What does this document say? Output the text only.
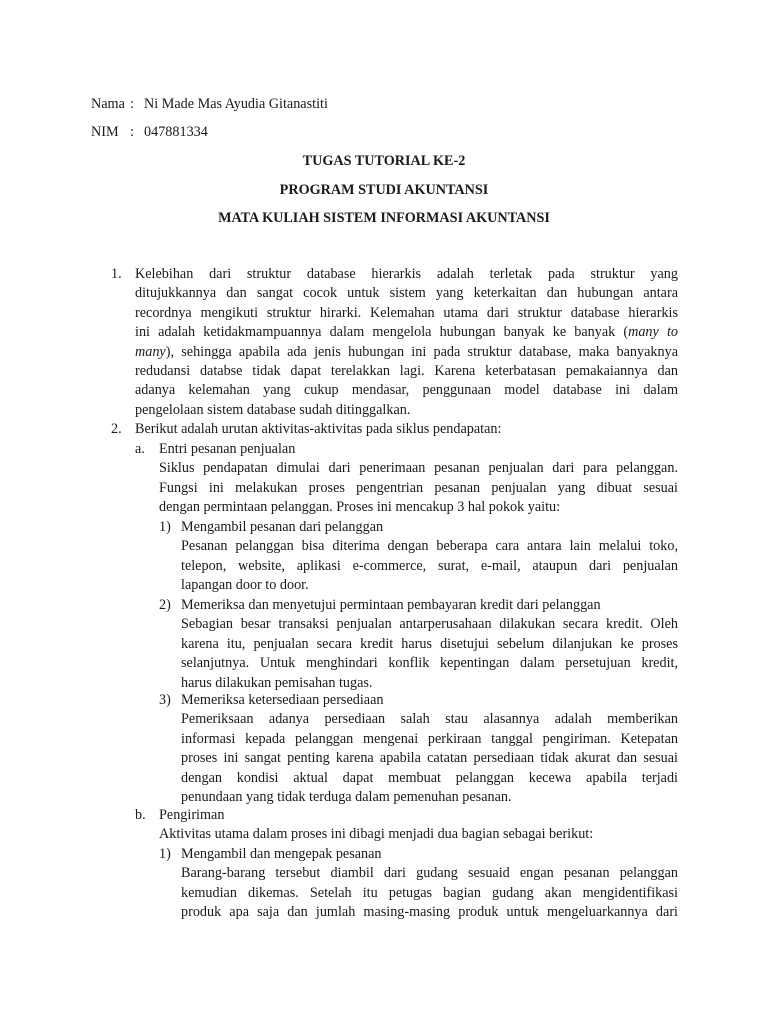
Nama : Ni Made Mas Ayudia Gitanastiti
NIM : 047881334
TUGAS TUTORIAL KE-2
PROGRAM STUDI AKUNTANSI
MATA KULIAH SISTEM INFORMASI AKUNTANSI
1. Kelebihan dari struktur database hierarkis adalah terletak pada struktur yang
ditujukkannya dan sangat cocok untuk sistem yang keterkaitan dan hubungan antara
recordnya mengikuti struktur hirarki. Kelemahan utama dari struktur database hierarkis
ini adalah ketidakmampuannya dalam mengelola hubungan banyak ke banyak (many to
many), sehingga apabila ada jenis hubungan ini pada struktur database, maka banyaknya
redudansi databse tidak dapat terelakkan lagi. Karena keterbatasan pemakaiannya dan
adanya kelemahan yang cukup mendasar, penggunaan model database ini dalam
pengelolaan sistem database sudah ditinggalkan.
2. Berikut adalah urutan aktivitas-aktivitas pada siklus pendapatan:
a. Entri pesanan penjualan
Siklus pendapatan dimulai dari penerimaan pesanan penjualan dari para pelanggan.
Fungsi ini melakukan proses pengentrian pesanan penjualan yang dibuat sesuai
dengan permintaan pelanggan. Proses ini mencakup 3 hal pokok yaitu:
1) Mengambil pesanan dari pelanggan
Pesanan pelanggan bisa diterima dengan beberapa cara antara lain melalui toko,
telepon, website, aplikasi e-commerce, surat, e-mail, ataupun dari penjualan
lapangan door to door.
2) Memeriksa dan menyetujui permintaan pembayaran kredit dari pelanggan
Sebagian besar transaksi penjualan antarperusahaan dilakukan secara kredit. Oleh
karena itu, penjualan secara kredit harus disetujui sebelum dilanjukan ke proses
selanjutnya. Untuk menghindari konflik kepentingan dalam persetujuan kredit,
harus dilakukan pemisahan tugas.
3) Memeriksa ketersediaan persediaan
Pemeriksaan adanya persediaan salah stau alasannya adalah memberikan
informasi kepada pelanggan mengenai perkiraan tanggal pengiriman. Ketepatan
proses ini sangat penting karena apabila catatan persediaan tidak akurat dan sesuai
dengan kondisi aktual dapat membuat pelanggan kecewa apabila terjadi
penundaan yang tidak terduga dalam pemenuhan pesanan.
b. Pengiriman
Aktivitas utama dalam proses ini dibagi menjadi dua bagian sebagai berikut:
1) Mengambil dan mengepak pesanan
Barang-barang tersebut diambil dari gudang sesuaid engan pesanan pelanggan
kemudian dikemas. Setelah itu petugas bagian gudang akan mengidentifikasi
produk apa saja dan jumlah masing-masing produk untuk mengeluarkannya dari
